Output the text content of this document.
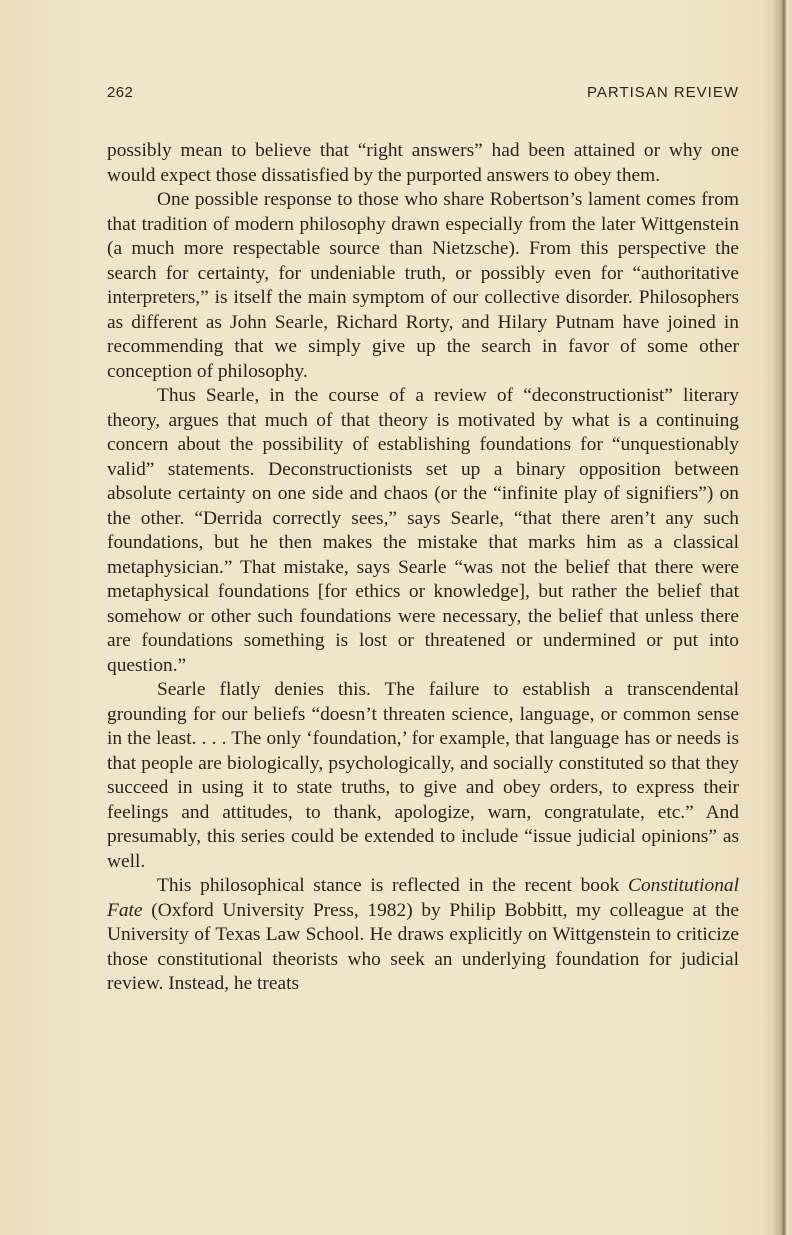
262	PARTISAN REVIEW

possibly mean to believe that “right answers” had been attained or why one would expect those dissatisfied by the purported answers to obey them.

One possible response to those who share Robertson’s lament comes from that tradition of modern philosophy drawn especially from the later Wittgenstein (a much more respectable source than Nietzsche). From this perspective the search for certainty, for undeniable truth, or possibly even for “authoritative interpreters,” is itself the main symptom of our collective disorder. Philosophers as different as John Searle, Richard Rorty, and Hilary Putnam have joined in recommending that we simply give up the search in favor of some other conception of philosophy.

Thus Searle, in the course of a review of “deconstructionist” literary theory, argues that much of that theory is motivated by what is a continuing concern about the possibility of establishing foundations for “unquestionably valid” statements. Deconstructionists set up a binary opposition between absolute certainty on one side and chaos (or the “infinite play of signifiers”) on the other. “Derrida correctly sees,” says Searle, “that there aren’t any such foundations, but he then makes the mistake that marks him as a classical metaphysician.” That mistake, says Searle “was not the belief that there were metaphysical foundations [for ethics or knowledge], but rather the belief that somehow or other such foundations were necessary, the belief that unless there are foundations something is lost or threatened or undermined or put into question.”

Searle flatly denies this. The failure to establish a transcendental grounding for our beliefs “doesn’t threaten science, language, or common sense in the least. . . . The only ‘foundation,’ for example, that language has or needs is that people are biologically, psychologically, and socially constituted so that they succeed in using it to state truths, to give and obey orders, to express their feelings and attitudes, to thank, apologize, warn, congratulate, etc.” And presumably, this series could be extended to include “issue judicial opinions” as well.

This philosophical stance is reflected in the recent book Constitutional Fate (Oxford University Press, 1982) by Philip Bobbitt, my colleague at the University of Texas Law School. He draws explicitly on Wittgenstein to criticize those constitutional theorists who seek an underlying foundation for judicial review. Instead, he treats
